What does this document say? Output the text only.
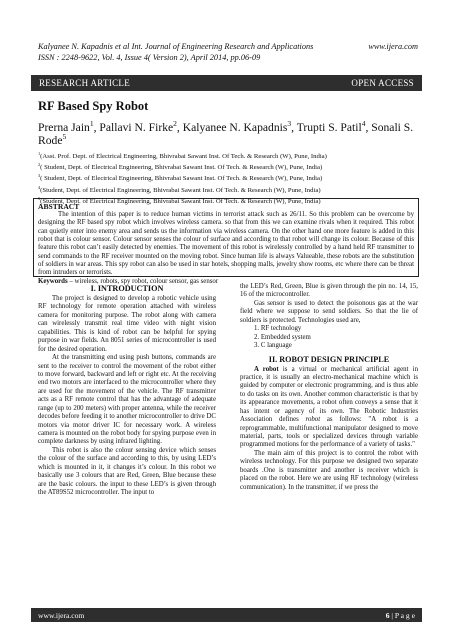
Kalyanee N. Kapadnis et al Int. Journal of Engineering Research and Applications	www.ijera.com
ISSN : 2248-9622, Vol. 4, Issue 4( Version 2), April 2014, pp.06-09
RESEARCH ARTICLE	OPEN ACCESS
RF Based Spy Robot
Prerna Jain$^1$, Pallavi N. Firke$^2$, Kalyanee N. Kapadnis$^3$, Trupti S. Patil$^4$, Sonali S. Rode$^5$
$^1$(Asst. Prof. Dept. of Electrical Engineering, Bhivrabai Sawant Inst. Of Tech. & Research (W), Pune, India)
$^2$( Student, Dept. of Electrical Engineering, Bhivrabai Sawant Inst. Of Tech. & Research (W), Pune, India)
$^3$( Student, Dept. of Electrical Engineering, Bhivrabai Sawant Inst. Of Tech. & Research (W), Pune, India)
$^4$(Student, Dept. of Electrical Engineering, Bhivrabai Sawant Inst. Of Tech. & Research (W), Pune, India)
$^5$(Student, Dept. of Electrical Engineering, Bhivrabai Sawant Inst. Of Tech. & Research (W), Pune, India)
ABSTRACT
The intention of this paper is to reduce human victims in terrorist attack such as 26/11. So this problem can be overcome by designing the RF based spy robot which involves wireless camera. so that from this we can examine rivals when it required. This robot can quietly enter into enemy area and sends us the information via wireless camera. On the other hand one more feature is added in this robot that is colour sensor. Colour sensor senses the colour of surface and according to that robot will change its colour. Because of this feature this robot can’t easily detected by enemies. The movement of this robot is wirelessly controlled by a hand held RF transmitter to send commands to the RF receiver mounted on the moving robot. Since human life is always Valueable, these robots are the substitution of soldiers in war areas. This spy robot can also be used in star hotels, shopping malls, jewelry show rooms, etc where there can be threat from intruders or terrorists.
Keywords – wireless, robots, spy robot, colour sensor, gas sensor
I. INTRODUCTION

The project is designed to develop a robotic vehicle using RF technology for remote operation attached with wireless camera for monitoring purpose. The robot along with camera can wirelessly transmit real time video with night vision capabilities. This is kind of robot can be helpful for spying purpose in war fields. An 8051 series of microcontroller is used for the desired operation.

At the transmitting end using push buttons, commands are sent to the receiver to control the movement of the robot either to move forward, backward and left or right etc. At the receiving end two motors are interfaced to the microcontroller where they are used for the movement of the vehicle. The RF transmitter acts as a RF remote control that has the advantage of adequate range (up to 200 meters) with proper antenna, while the receiver decodes before feeding it to another microcontroller to drive DC motors via motor driver IC for necessary work. A wireless camera is mounted on the robot body for spying purpose even in complete darkness by using infrared lighting.

This robot is also the colour sensing device which senses the colour of the surface and according to this, by using LED’s which is mounted in it, it changes it’s colour. In this robot we basically use 3 colours that are Red, Green, Blue because these are the basic colours. the input to these LED’s is given through the AT89S52 microcontroller. The input to

the LED’s Red, Green, Blue is given through the pin no. 14, 15, 16 of the microcontroller.

Gas sensor is used to detect the poisonous gas at the war field where we suppose to send soldiers. So that the lie of soldiers is protected. Technologies used are,

1. RF technology
2. Embedded system
3. C language
II. ROBOT DESIGN PRINCIPLE

A robot is a virtual or mechanical artificial agent in practice, it is usually an electro-mechanical machine which is guided by computer or electronic programming, and is thus able to do tasks on its own. Another common characteristic is that by its appearance movements, a robot often conveys a sense that it has intent or agency of its own. The Robotic Industries Association defines robot as follows: "A robot is a reprogrammable, multifunctional manipulator designed to move material, parts, tools or specialized devices through variable programmed motions for the performance of a variety of tasks."

The main aim of this project is to control the robot with wireless technology. For this purpose we designed two separate boards .One is transmitter and another is receiver which is placed on the robot. Here we are using RF technology (wireless communication). In the transmitter, if we press the

www.ijera.com	6 | P a g e
